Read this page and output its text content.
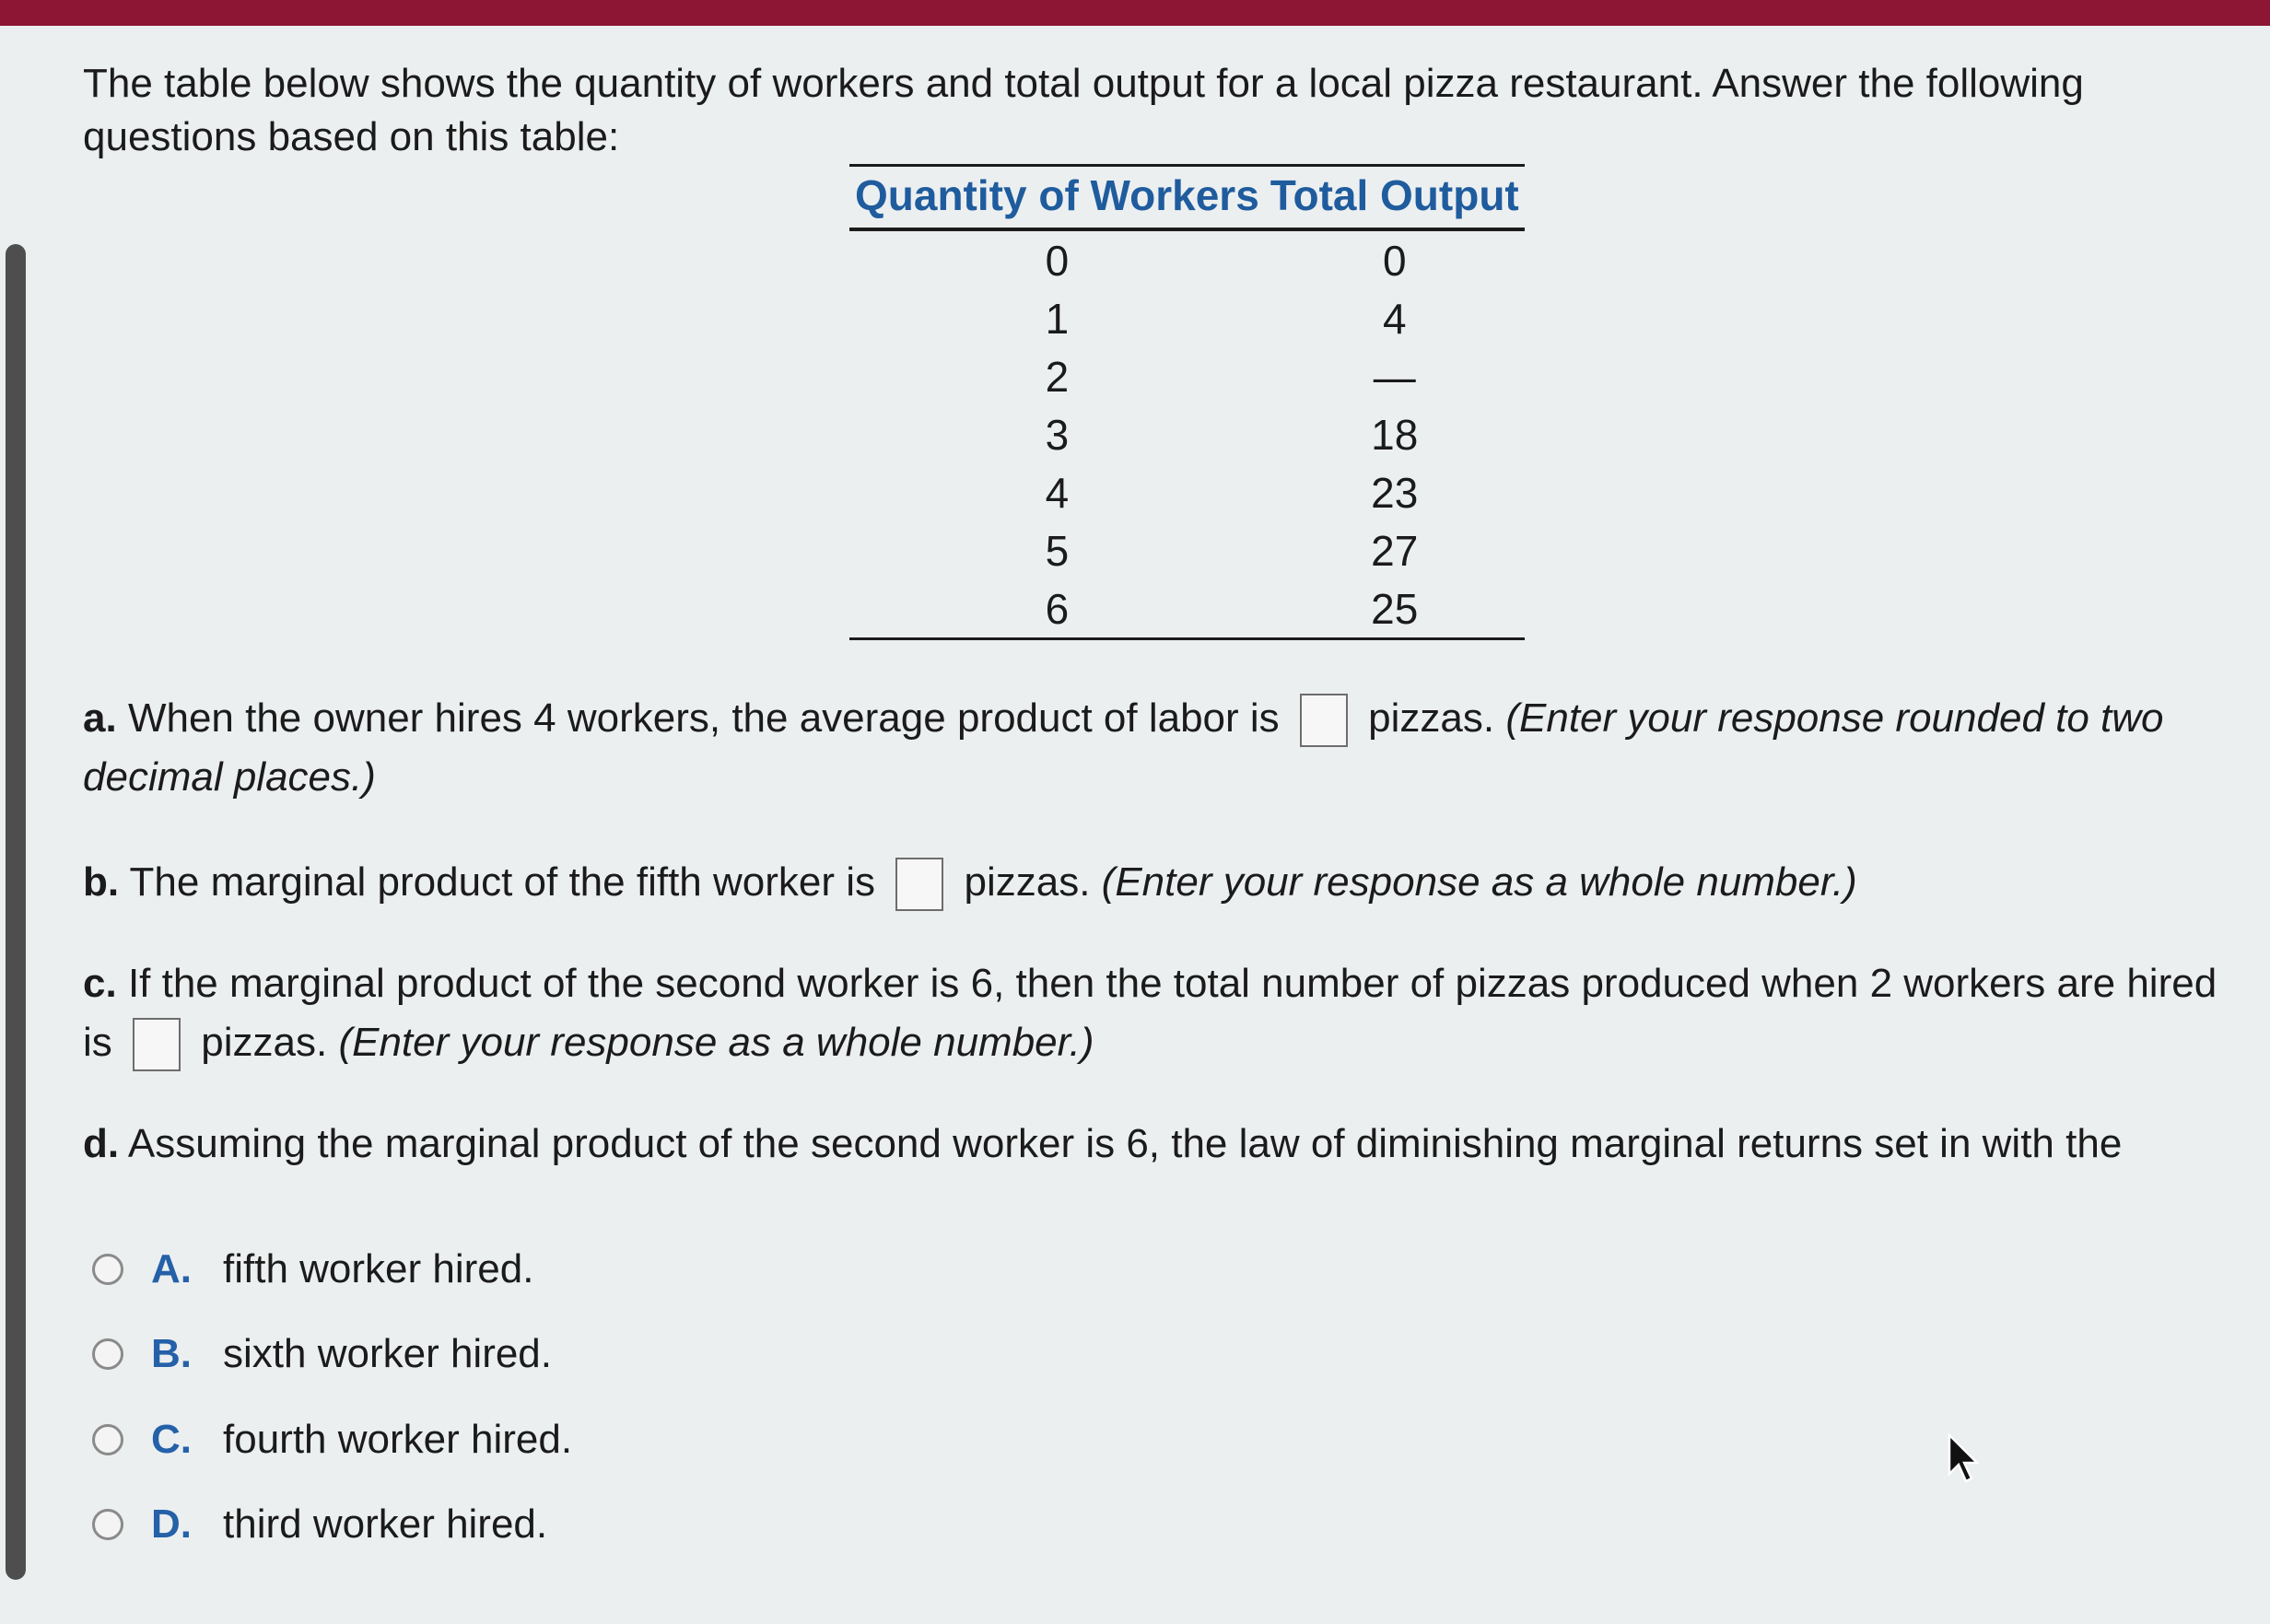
The table below shows the quantity of workers and total output for a local pizza restaurant. Answer the following questions based on this table:
Quantity of Workers	Total Output
0	0
1	4
2	—
3	18
4	23
5	27
6	25
a. When the owner hires 4 workers, the average product of labor is pizzas. (Enter your response rounded to two decimal places.)
b. The marginal product of the fifth worker is pizzas. (Enter your response as a whole number.)
c. If the marginal product of the second worker is 6, then the total number of pizzas produced when 2 workers are hired is pizzas. (Enter your response as a whole number.)
d. Assuming the marginal product of the second worker is 6, the law of diminishing marginal returns set in with the
A. fifth worker hired.
B. sixth worker hired.
C. fourth worker hired.
D. third worker hired.
